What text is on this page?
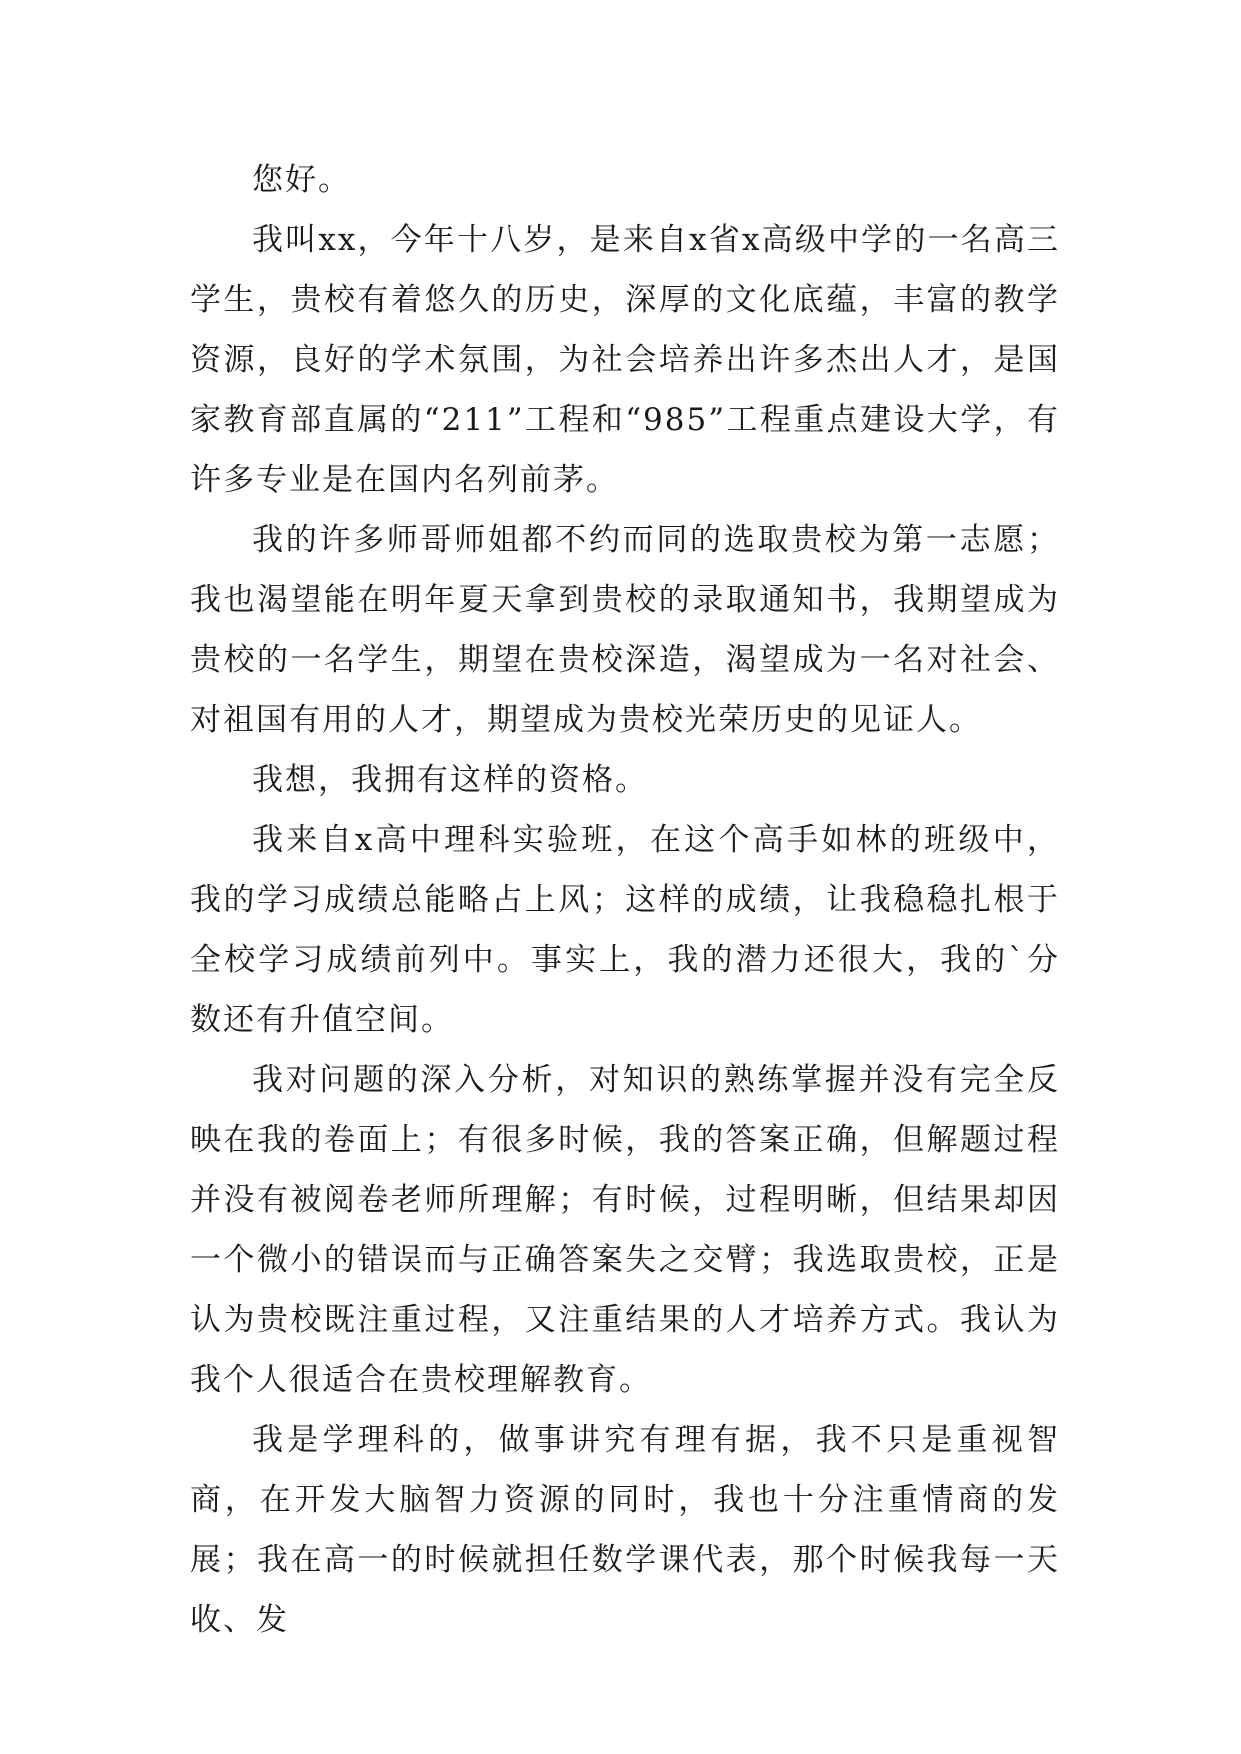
您好。

我叫xx，今年十八岁，是来自x省x高级中学的一名高三学生，贵校有着悠久的历史，深厚的文化底蕴，丰富的教学资源，良好的学术氛围，为社会培养出许多杰出人才，是国家教育部直属的“211”工程和“985”工程重点建设大学，有许多专业是在国内名列前茅。

我的许多师哥师姐都不约而同的选取贵校为第一志愿；我也渴望能在明年夏天拿到贵校的录取通知书，我期望成为贵校的一名学生，期望在贵校深造，渴望成为一名对社会、对祖国有用的人才，期望成为贵校光荣历史的见证人。

我想，我拥有这样的资格。

我来自x高中理科实验班，在这个高手如林的班级中，我的学习成绩总能略占上风；这样的成绩，让我稳稳扎根于全校学习成绩前列中。事实上，我的潜力还很大，我的`分数还有升值空间。

我对问题的深入分析，对知识的熟练掌握并没有完全反映在我的卷面上；有很多时候，我的答案正确，但解题过程并没有被阅卷老师所理解；有时候，过程明晰，但结果却因一个微小的错误而与正确答案失之交臂；我选取贵校，正是认为贵校既注重过程，又注重结果的人才培养方式。我认为我个人很适合在贵校理解教育。

我是学理科的，做事讲究有理有据，我不只是重视智商，在开发大脑智力资源的同时，我也十分注重情商的发展；我在高一的时候就担任数学课代表，那个时候我每一天收、发
